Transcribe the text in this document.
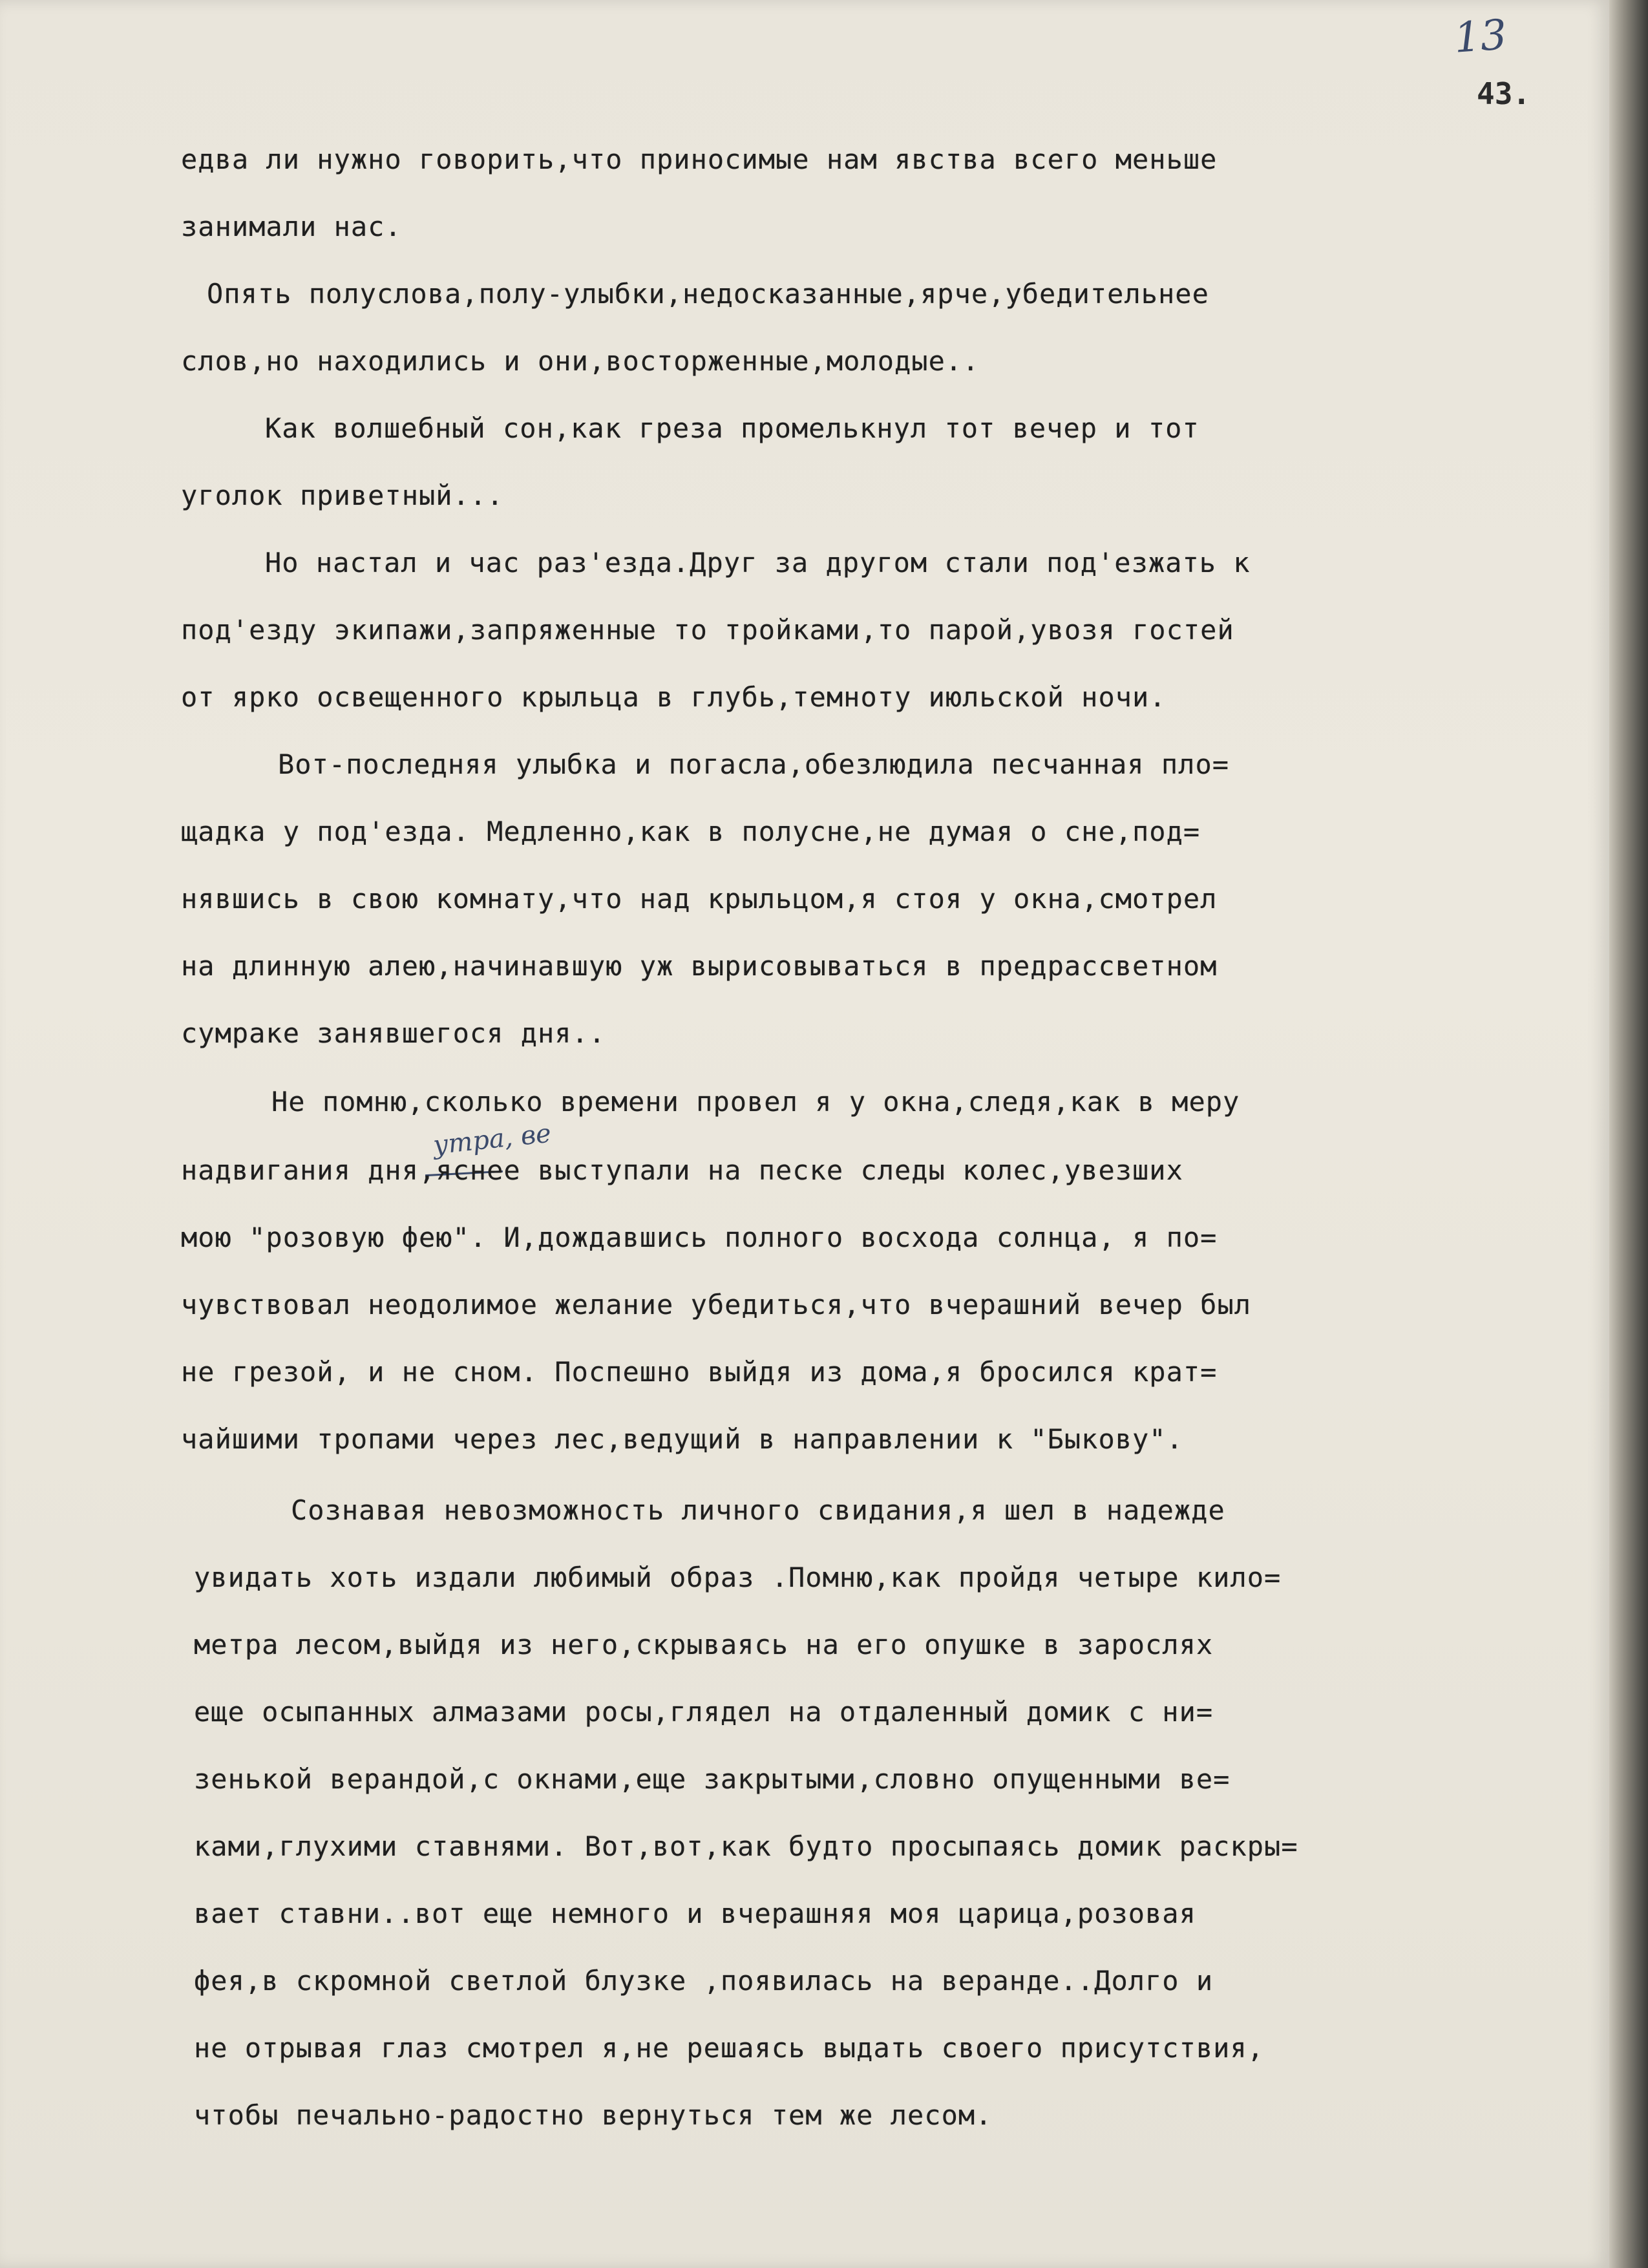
13
43.
едва ли нужно говорить,что приносимые нам явства всего меньше
занимали нас.
Опять полуслова,полу-улыбки,недосказанные,ярче,убедительнее
слов,но находились и они,восторженные,молодые..
Как волшебный сон,как греза промелькнул тот вечер и тот
уголок приветный...
Но настал и час раз'езда.Друг за другом стали под'езжать к
под'езду экипажи,запряженные то тройками,то парой,увозя гостей
от ярко освещенного крыльца в глубь,темноту июльской ночи.
Вот-последняя улыбка и погасла,обезлюдила песчанная пло=
щадка у под'езда. Медленно,как в полусне,не думая о сне,под=
нявшись в свою комнату,что над крыльцом,я стоя у окна,смотрел
на длинную алею,начинавшую уж вырисовываться в предрассветном
сумраке занявшегося дня..
Не помню,сколько времени провел я у окна,следя,как в меру
утра, ве
надвигания дня,яснее выступали на песке следы колес,увезших
мою "розовую фею". И,дождавшись полного восхода солнца, я по=
чувствовал неодолимое желание убедиться,что вчерашний вечер был
не грезой, и не сном. Поспешно выйдя из дома,я бросился крат=
чайшими тропами через лес,ведущий в направлении к "Быкову".
Сознавая невозможность личного свидания,я шел в надежде
увидать хоть издали любимый образ .Помню,как пройдя четыре кило=
метра лесом,выйдя из него,скрываясь на его опушке в зарослях
еще осыпанных алмазами росы,глядел на отдаленный домик с ни=
зенькой верандой,с окнами,еще закрытыми,словно опущенными ве=
ками,глухими ставнями. Вот,вот,как будто просыпаясь домик раскры=
вает ставни..вот еще немного и вчерашняя моя царица,розовая
фея,в скромной светлой блузке ,появилась на веранде..Долго и
не отрывая глаз смотрел я,не решаясь выдать своего присутствия,
чтобы печально-радостно вернуться тем же лесом.
